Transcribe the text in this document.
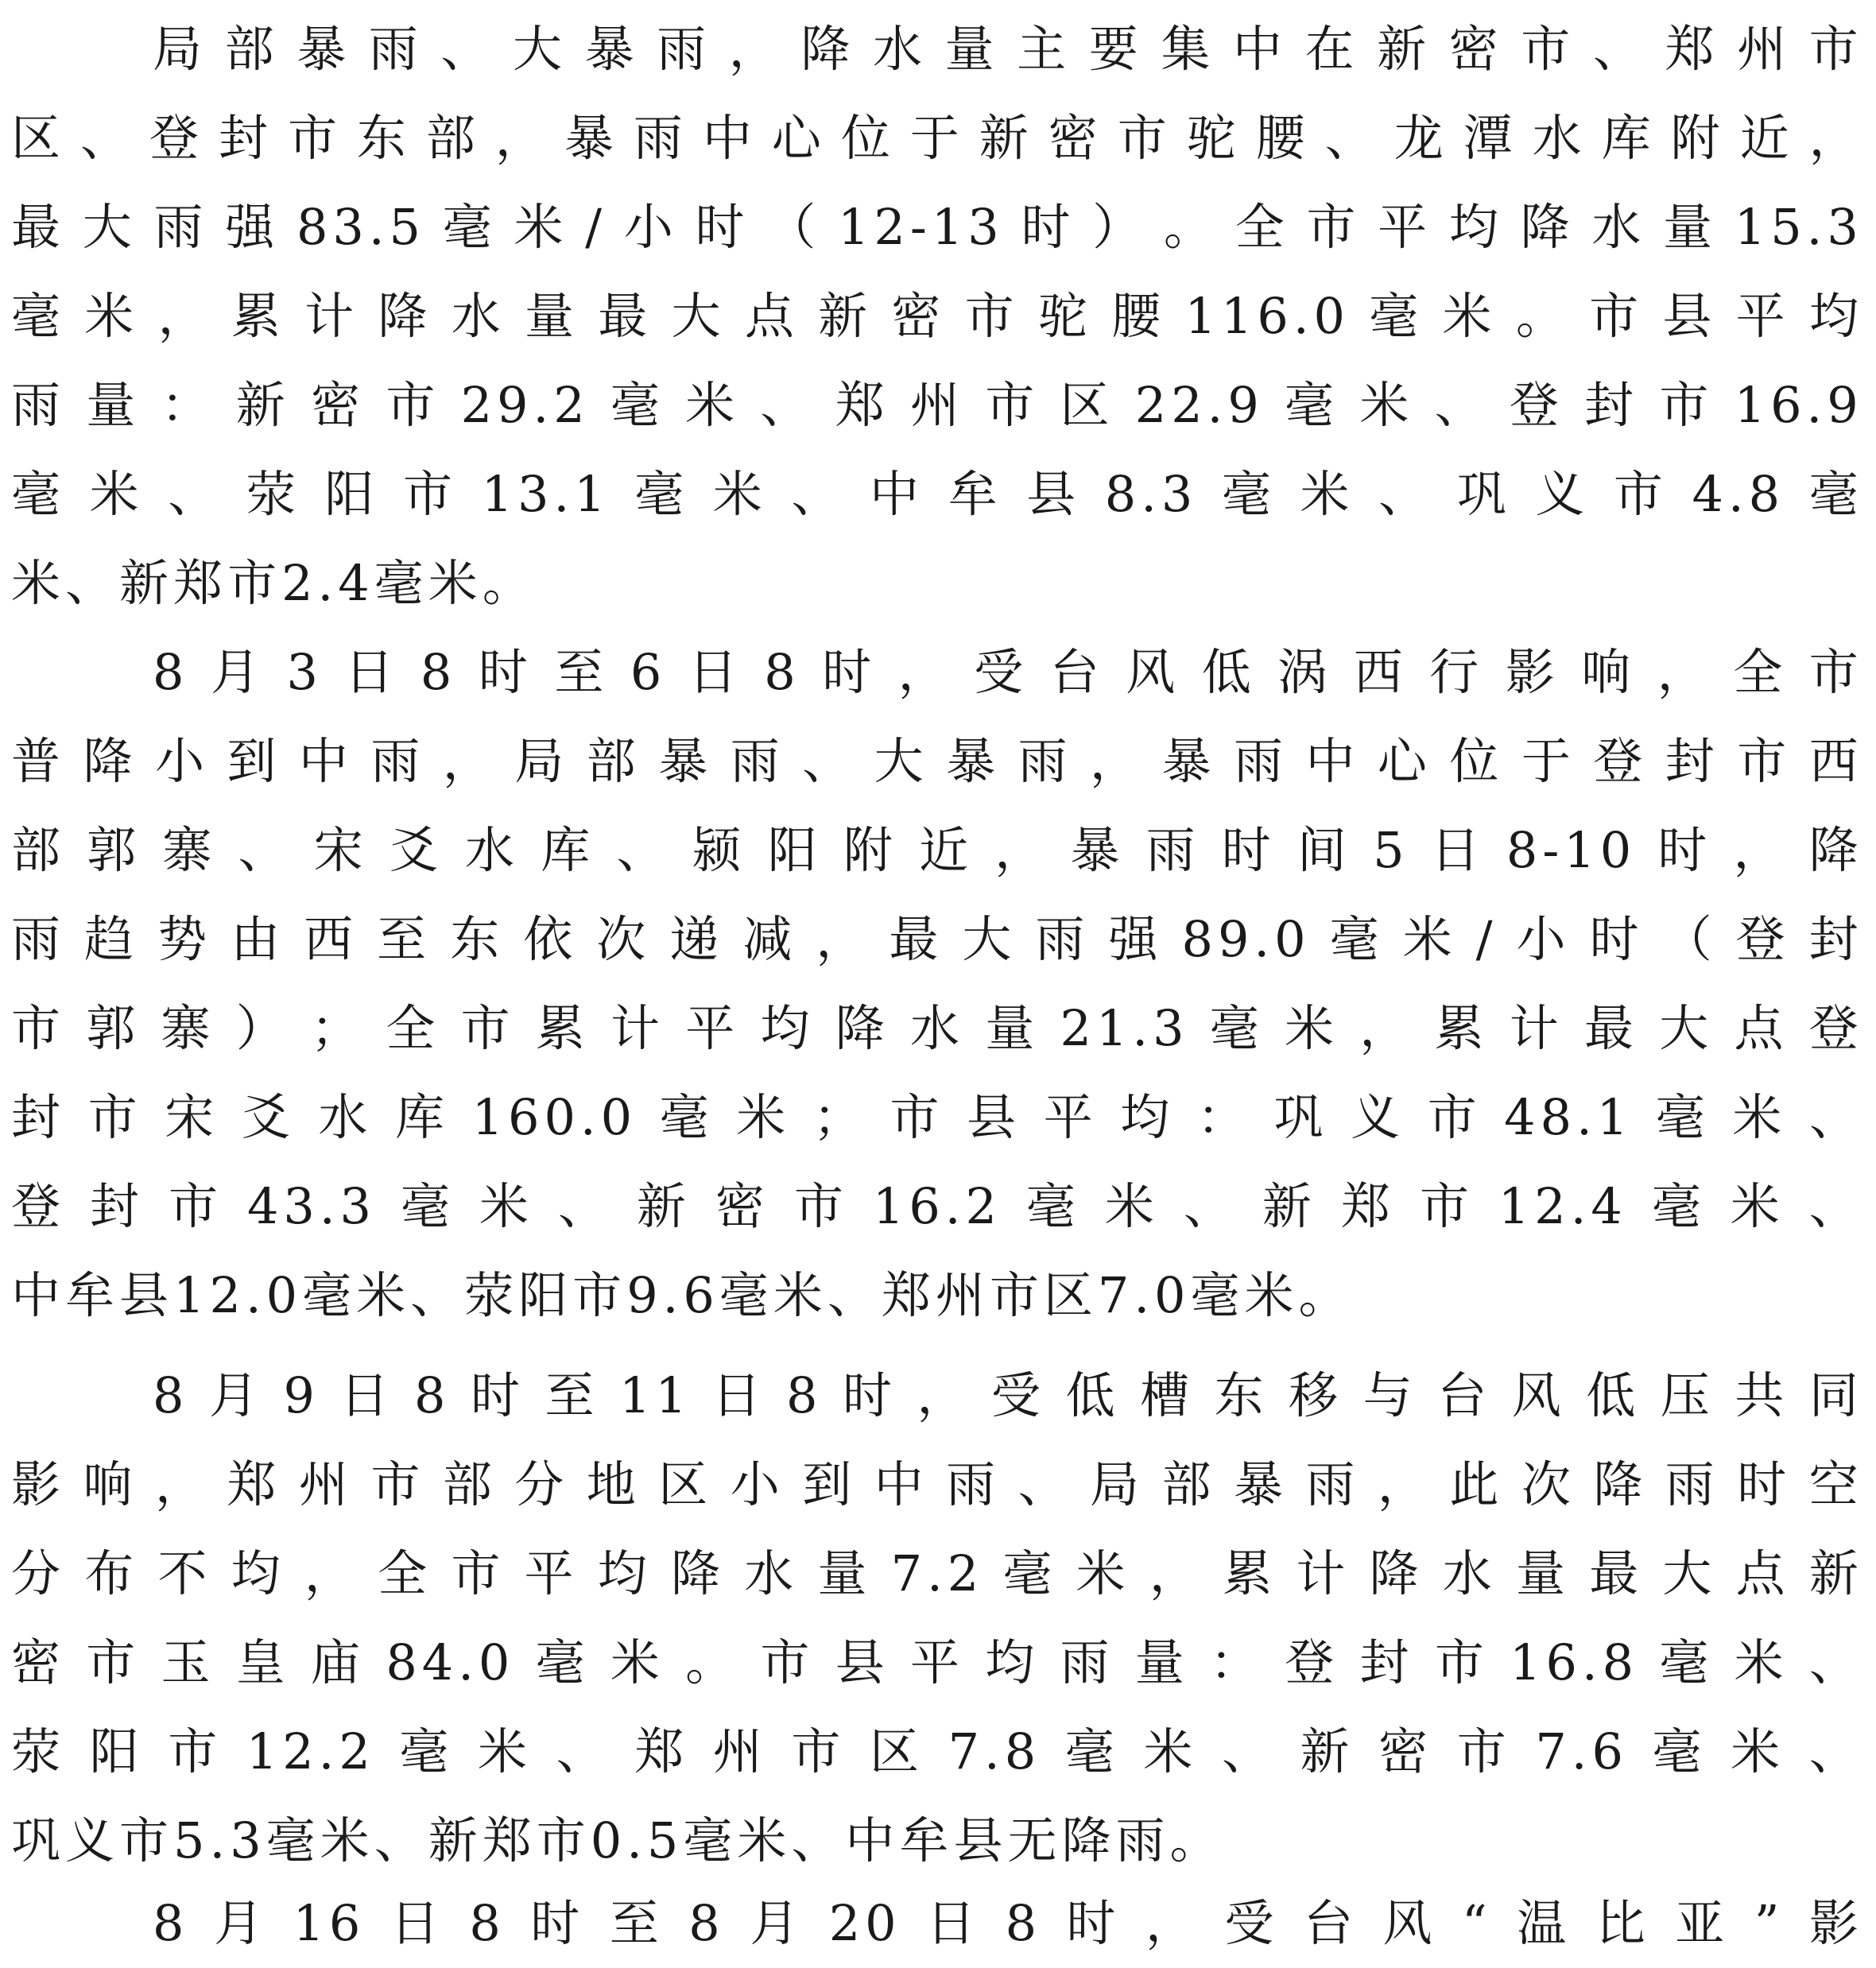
局 部 暴 雨 、 大 暴 雨 ， 降 水 量 主 要 集 中 在 新 密 市 、 郑 州 市
区 、 登 封 市 东 部 ， 暴 雨 中 心 位 于 新 密 市 驼 腰 、 龙 潭 水 库 附 近 ，
最 大 雨 强 83.5 毫 米 / 小 时 （ 12-13 时 ） 。 全 市 平 均 降 水 量 15.3
毫 米 ， 累 计 降 水 量 最 大 点 新 密 市 驼 腰 116.0 毫 米 。 市 县 平 均
雨 量 ： 新 密 市 29.2 毫 米 、 郑 州 市 区 22.9 毫 米 、 登 封 市 16.9
毫 米 、 荥 阳 市 13.1 毫 米 、 中 牟 县 8.3 毫 米 、 巩 义 市 4.8 毫
米 、 新 郑 市 2.4 毫 米 。
8 月 3 日 8 时 至 6 日 8 时 ， 受 台 风 低 涡 西 行 影 响 ， 全 市
普 降 小 到 中 雨 ， 局 部 暴 雨 、 大 暴 雨 ， 暴 雨 中 心 位 于 登 封 市 西
部 郭 寨 、 宋 爻 水 库 、 颍 阳 附 近 ， 暴 雨 时 间 5 日 8-10 时 ， 降
雨 趋 势 由 西 至 东 依 次 递 减 ， 最 大 雨 强 89.0 毫 米 / 小 时 （ 登 封
市 郭 寨 ） ； 全 市 累 计 平 均 降 水 量 21.3 毫 米 ， 累 计 最 大 点 登
封 市 宋 爻 水 库 160.0 毫 米 ； 市 县 平 均 ： 巩 义 市 48.1 毫 米 、
登 封 市 43.3 毫 米 、 新 密 市 16.2 毫 米 、 新 郑 市 12.4 毫 米 、
中 牟 县 12.0 毫 米 、 荥 阳 市 9.6 毫 米 、 郑 州 市 区 7.0 毫 米 。
8 月 9 日 8 时 至 11 日 8 时 ， 受 低 槽 东 移 与 台 风 低 压 共 同
影 响 ， 郑 州 市 部 分 地 区 小 到 中 雨 、 局 部 暴 雨 ， 此 次 降 雨 时 空
分 布 不 均 ， 全 市 平 均 降 水 量 7.2 毫 米 ， 累 计 降 水 量 最 大 点 新
密 市 玉 皇 庙 84.0 毫 米 。 市 县 平 均 雨 量 ： 登 封 市 16.8 毫 米 、
荥 阳 市 12.2 毫 米 、 郑 州 市 区 7.8 毫 米 、 新 密 市 7.6 毫 米 、
巩 义 市 5.3 毫 米 、 新 郑 市 0.5 毫 米 、 中 牟 县 无 降 雨 。
8 月 16 日 8 时 至 8 月 20 日 8 时 ， 受 台 风 “ 温 比 亚 ” 影
